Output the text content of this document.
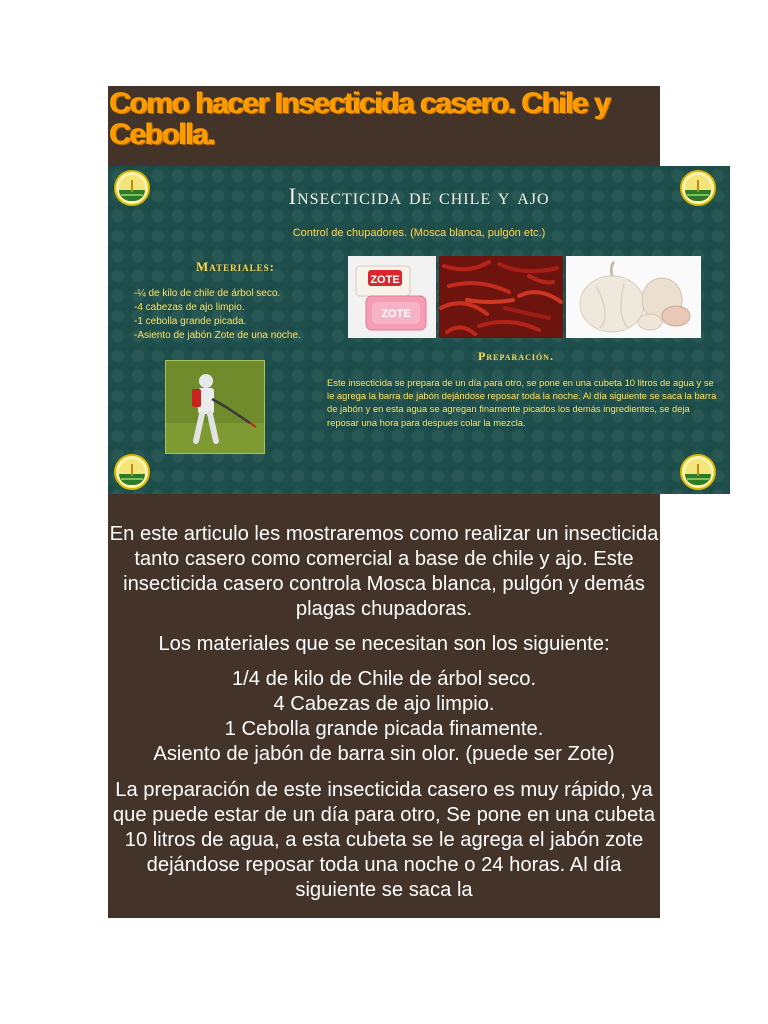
Como hacer Insecticida casero. Chile y Cebolla.
Insecticida de chile y ajo

Control de chupadores. (Mosca blanca, pulgón etc.)

Materiales:
-¼ de kilo de chile de árbol seco.
-4 cabezas de ajo limpio.
-1 cebolla grande picada.
-Asiento de jabón Zote de una noche.
ZOTE
ZOTE
Preparación.

Este insecticida se prepara de un día para otro, se pone en una cubeta 10 litros de agua y se le agrega la barra de jabón dejándose reposar toda la noche. Al día siguiente se saca la barra de jabón y en esta agua se agregan finamente picados los demás ingredientes, se deja reposar una hora para después colar la mezcla.

En este articulo les mostraremos como realizar un insecticida tanto casero como comercial a base de chile y ajo. Este insecticida casero controla Mosca blanca, pulgón y demás plagas chupadoras.

Los materiales que se necesitan son los siguiente:

1/4 de kilo de Chile de árbol seco.
4 Cabezas de ajo limpio.
1 Cebolla grande picada finamente.
Asiento de jabón de barra sin olor. (puede ser Zote)

La preparación de este insecticida casero es muy rápido, ya que puede estar de un día para otro, Se pone en una cubeta 10 litros de agua, a esta cubeta se le agrega el jabón zote dejándose reposar toda una noche o 24 horas. Al día siguiente se saca la
